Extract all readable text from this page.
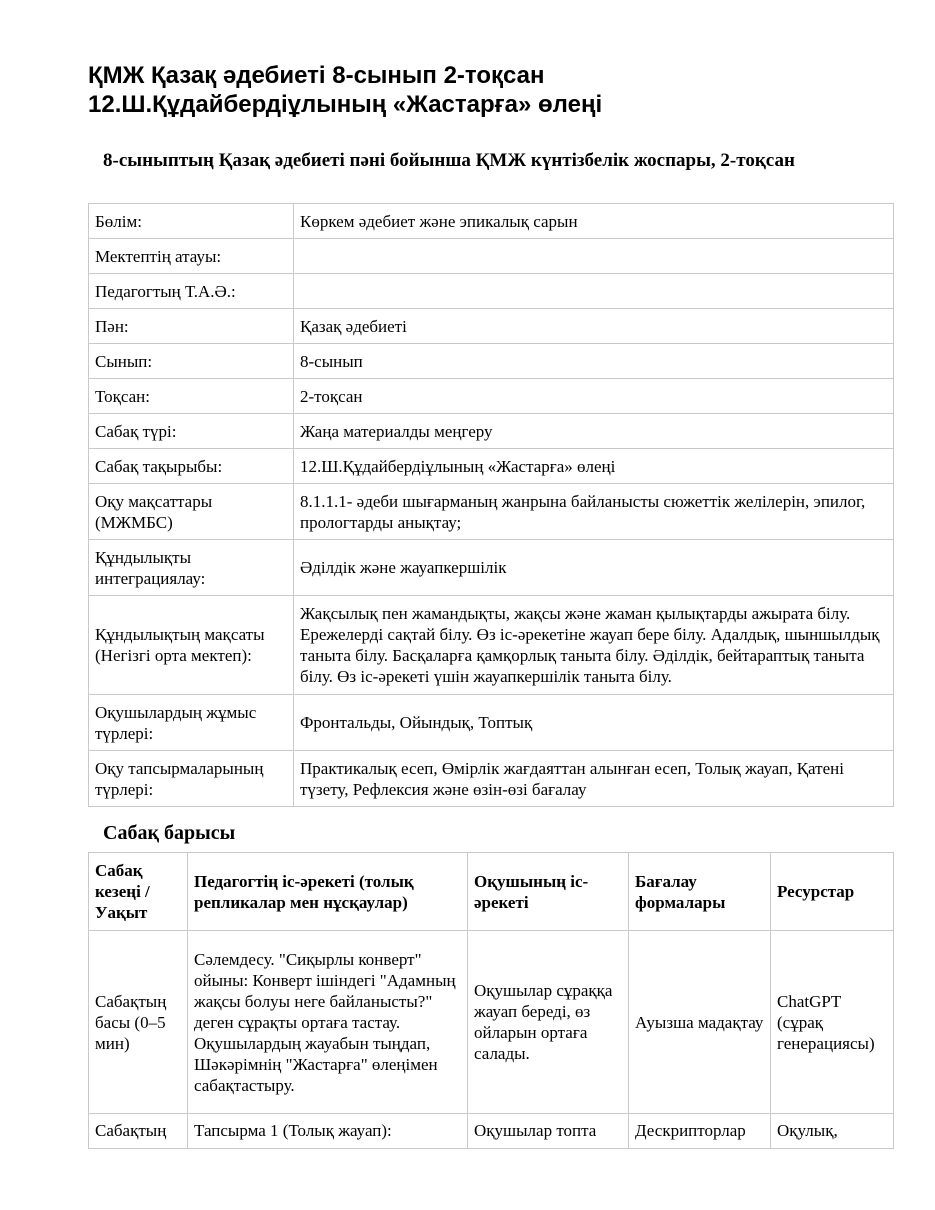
ҚМЖ Қазақ әдебиеті 8-сынып 2-тоқсан
12.Ш.Құдайбердіұлының «Жастарға» өлеңі
8-сыныптың Қазақ әдебиеті пәні бойынша ҚМЖ күнтізбелік жоспары, 2-тоқсан
Бөлім:	Көркем әдебиет және эпикалық сарын
Мектептің атауы:	
Педагогтың Т.А.Ә.:	
Пән:	Қазақ әдебиеті
Сынып:	8-сынып
Тоқсан:	2-тоқсан
Сабақ түрі:	Жаңа материалды меңгеру
Сабақ тақырыбы:	12.Ш.Құдайбердіұлының «Жастарға» өлеңі
Оқу мақсаттары (МЖМБС)	8.1.1.1- әдеби шығарманың жанрына байланысты сюжеттік желілерін, эпилог, прологтарды анықтау;
Құндылықты интеграциялау:	Әділдік және жауапкершілік
Құндылықтың мақсаты (Негізгі орта мектеп):	Жақсылық пен жамандықты, жақсы және жаман қылықтарды ажырата білу. Ережелерді сақтай білу. Өз іс-әрекетіне жауап бере білу. Адалдық, шыншылдық таныта білу. Басқаларға қамқорлық таныта білу. Әділдік, бейтараптық таныта білу. Өз іс-әрекеті үшін жауапкершілік таныта білу.
Оқушылардың жұмыс түрлері:	Фронтальды, Ойындық, Топтық
Оқу тапсырмаларының түрлері:	Практикалық есеп, Өмірлік жағдаяттан алынған есеп, Толық жауап, Қатені түзету, Рефлексия және өзін-өзі бағалау
Сабақ барысы
Сабақ кезеңі / Уақыт	Педагогтің іс-әрекеті (толық репликалар мен нұсқаулар)	Оқушының іс-әрекеті	Бағалау формалары	Ресурстар
Сабақтың басы (0–5 мин)	Сәлемдесу. "Сиқырлы конверт" ойыны: Конверт ішіндегі "Адамның жақсы болуы неге байланысты?" деген сұрақты ортаға тастау. Оқушылардың жауабын тыңдап, Шәкәрімнің "Жастарға" өлеңімен сабақтастыру.	Оқушылар сұраққа жауап береді, өз ойларын ортаға салады.	Ауызша мадақтау	ChatGPT (сұрақ генерациясы)
Сабақтың	Тапсырма 1 (Толық жауап):	Оқушылар топта	Дескрипторлар	Оқулық,
